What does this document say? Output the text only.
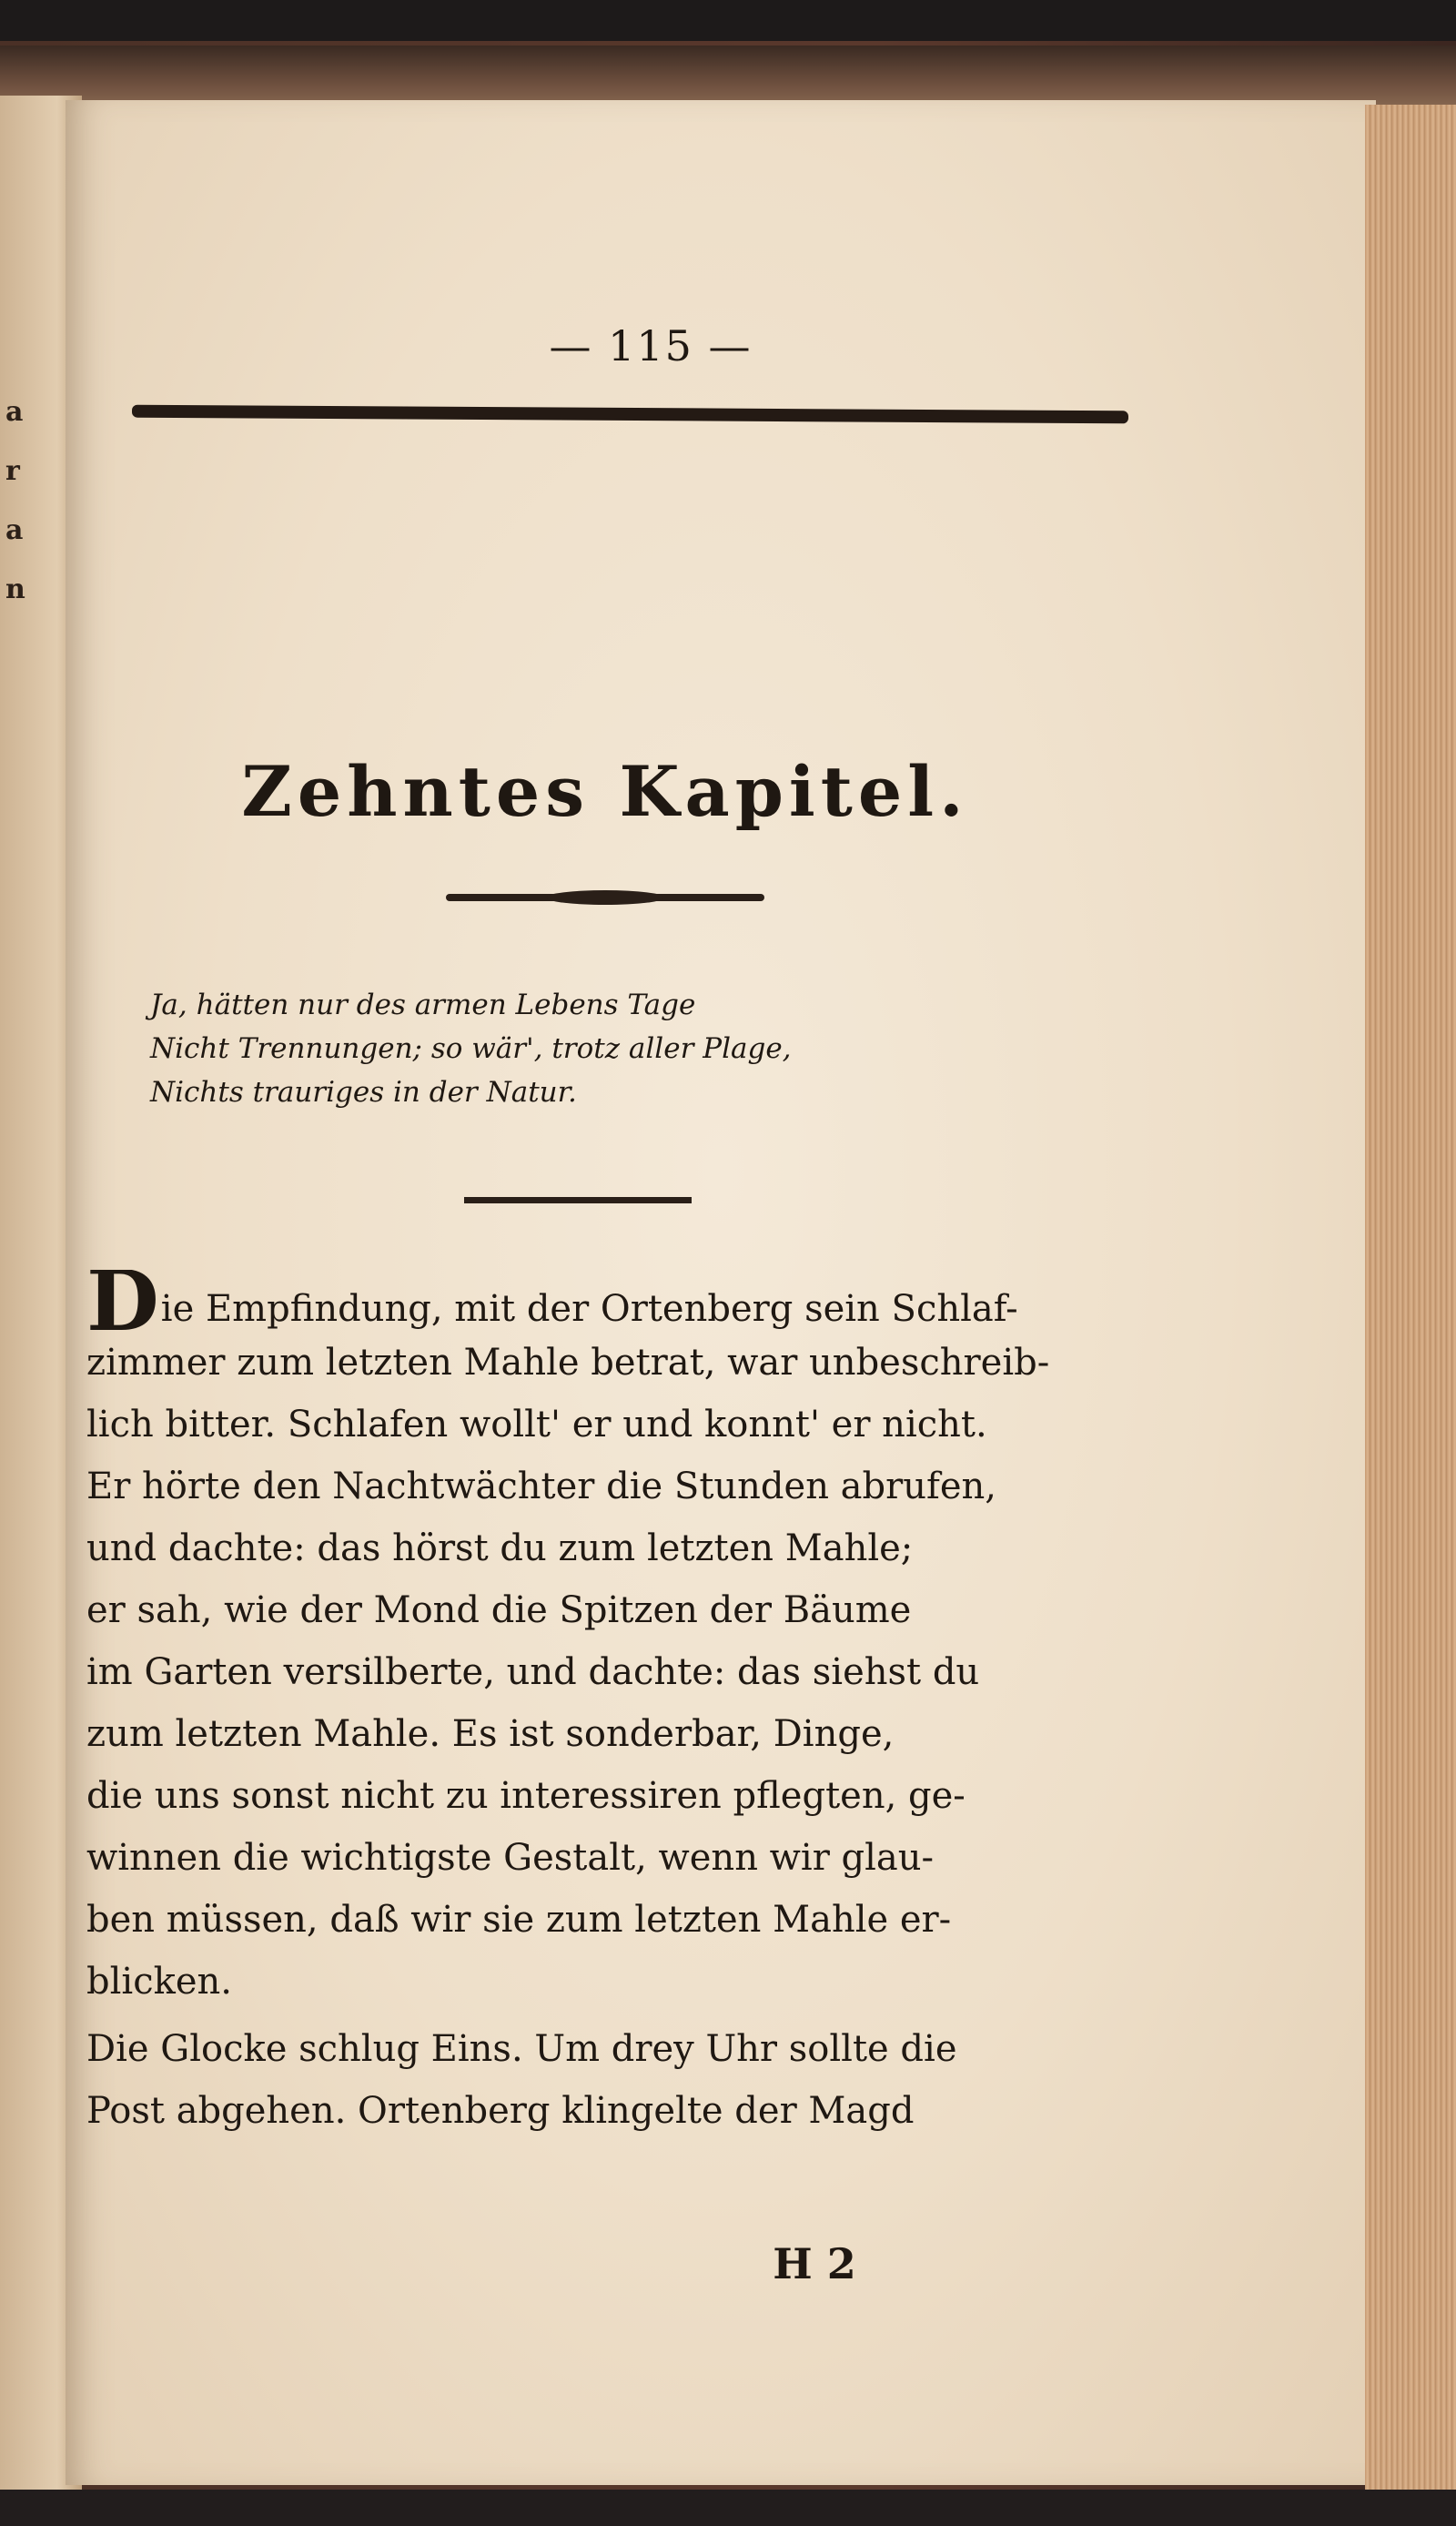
a
r
a
n
— 115 —
Zehntes Kapitel.
Ja, hätten nur des armen Lebens Tage
Nicht Trennungen; so wär', trotz aller Plage,
Nichts trauriges in der Natur.
Die Empfindung, mit der Ortenberg sein Schlaf-
zimmer zum letzten Mahle betrat, war unbeschreib-
lich bitter. Schlafen wollt' er und konnt' er nicht.
Er hörte den Nachtwächter die Stunden abrufen,
und dachte: das hörst du zum letzten Mahle;
er sah, wie der Mond die Spitzen der Bäume
im Garten versilberte, und dachte: das siehst du
zum letzten Mahle. Es ist sonderbar, Dinge,
die uns sonst nicht zu interessiren pflegten, ge-
winnen die wichtigste Gestalt, wenn wir glau-
ben müssen, daß wir sie zum letzten Mahle er-
blicken.
Die Glocke schlug Eins. Um drey Uhr sollte die
Post abgehen. Ortenberg klingelte der Magd
H 2
